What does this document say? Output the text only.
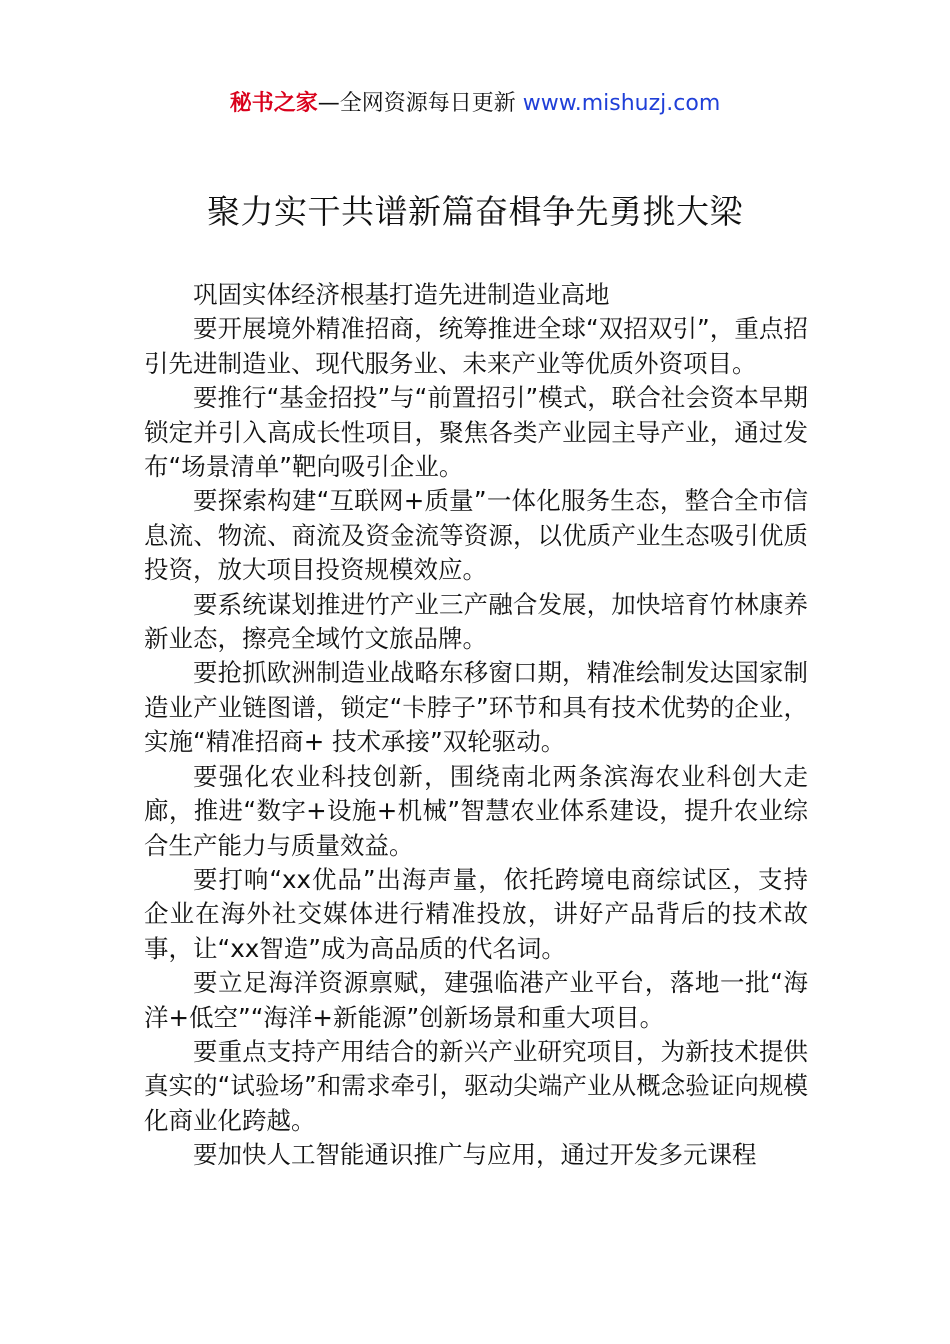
秘书之家—全网资源每日更新 www.mishuzj.com
聚力实干共谱新篇奋楫争先勇挑大梁

巩固实体经济根基打造先进制造业高地

要开展境外精准招商，统筹推进全球“双招双引”，重点招引先进制造业、现代服务业、未来产业等优质外资项目。

要推行“基金招投”与“前置招引”模式，联合社会资本早期锁定并引入高成长性项目，聚焦各类产业园主导产业，通过发布“场景清单”靶向吸引企业。

要探索构建“互联网+质量”一体化服务生态，整合全市信息流、物流、商流及资金流等资源，以优质产业生态吸引优质投资，放大项目投资规模效应。

要系统谋划推进竹产业三产融合发展，加快培育竹林康养新业态，擦亮全域竹文旅品牌。

要抢抓欧洲制造业战略东移窗口期，精准绘制发达国家制造业产业链图谱，锁定“卡脖子”环节和具有技术优势的企业，实施“精准招商+ 技术承接”双轮驱动。

要强化农业科技创新，围绕南北两条滨海农业科创大走廊，推进“数字+设施+机械”智慧农业体系建设，提升农业综合生产能力与质量效益。

要打响“xx优品”出海声量，依托跨境电商综试区，支持企业在海外社交媒体进行精准投放，讲好产品背后的技术故事，让“xx智造”成为高品质的代名词。

要立足海洋资源禀赋，建强临港产业平台，落地一批“海洋+低空”“海洋+新能源”创新场景和重大项目。

要重点支持产用结合的新兴产业研究项目，为新技术提供真实的“试验场”和需求牵引，驱动尖端产业从概念验证向规模化商业化跨越。

要加快人工智能通识推广与应用，通过开发多元课程
